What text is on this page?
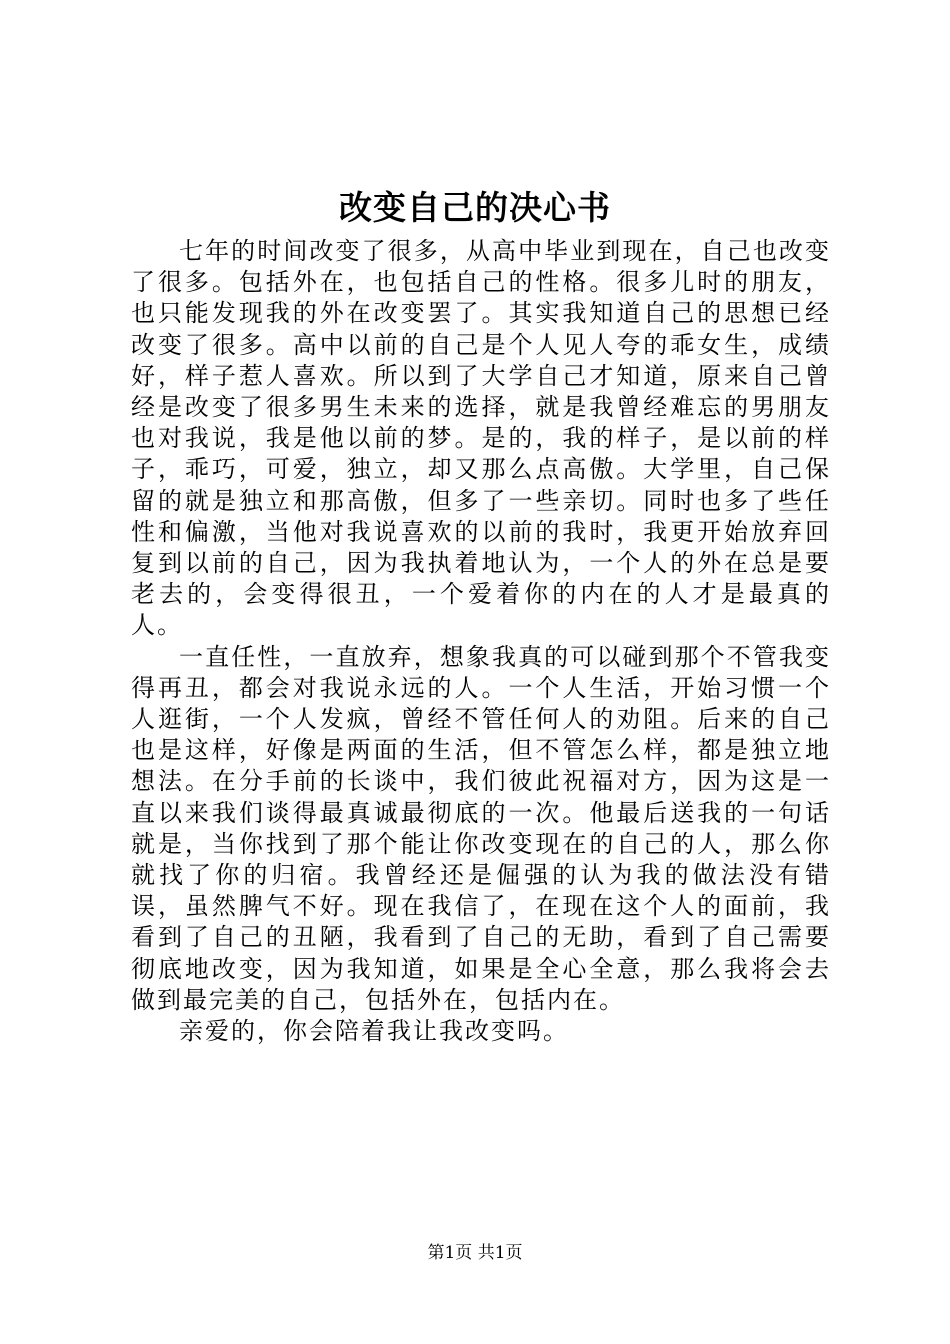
改变自己的决心书

七年的时间改变了很多，从高中毕业到现在，自己也改变了很多。包括外在，也包括自己的性格。很多儿时的朋友，也只能发现我的外在改变罢了。其实我知道自己的思想已经改变了很多。高中以前的自己是个人见人夸的乖女生，成绩好，样子惹人喜欢。所以到了大学自己才知道，原来自己曾经是改变了很多男生未来的选择，就是我曾经难忘的男朋友也对我说，我是他以前的梦。是的，我的样子，是以前的样子，乖巧，可爱，独立，却又那么点高傲。大学里，自己保留的就是独立和那高傲，但多了一些亲切。同时也多了些任性和偏激，当他对我说喜欢的以前的我时，我更开始放弃回复到以前的自己，因为我执着地认为，一个人的外在总是要老去的，会变得很丑，一个爱着你的内在的人才是最真的人。

一直任性，一直放弃，想象我真的可以碰到那个不管我变得再丑，都会对我说永远的人。一个人生活，开始习惯一个人逛街，一个人发疯，曾经不管任何人的劝阻。后来的自己也是这样，好像是两面的生活，但不管怎么样，都是独立地想法。在分手前的长谈中，我们彼此祝福对方，因为这是一直以来我们谈得最真诚最彻底的一次。他最后送我的一句话就是，当你找到了那个能让你改变现在的自己的人，那么你就找了你的归宿。我曾经还是倔强的认为我的做法没有错误，虽然脾气不好。现在我信了，在现在这个人的面前，我看到了自己的丑陋，我看到了自己的无助，看到了自己需要彻底地改变，因为我知道，如果是全心全意，那么我将会去做到最完美的自己，包括外在，包括内在。

亲爱的，你会陪着我让我改变吗。

第1页 共1页
